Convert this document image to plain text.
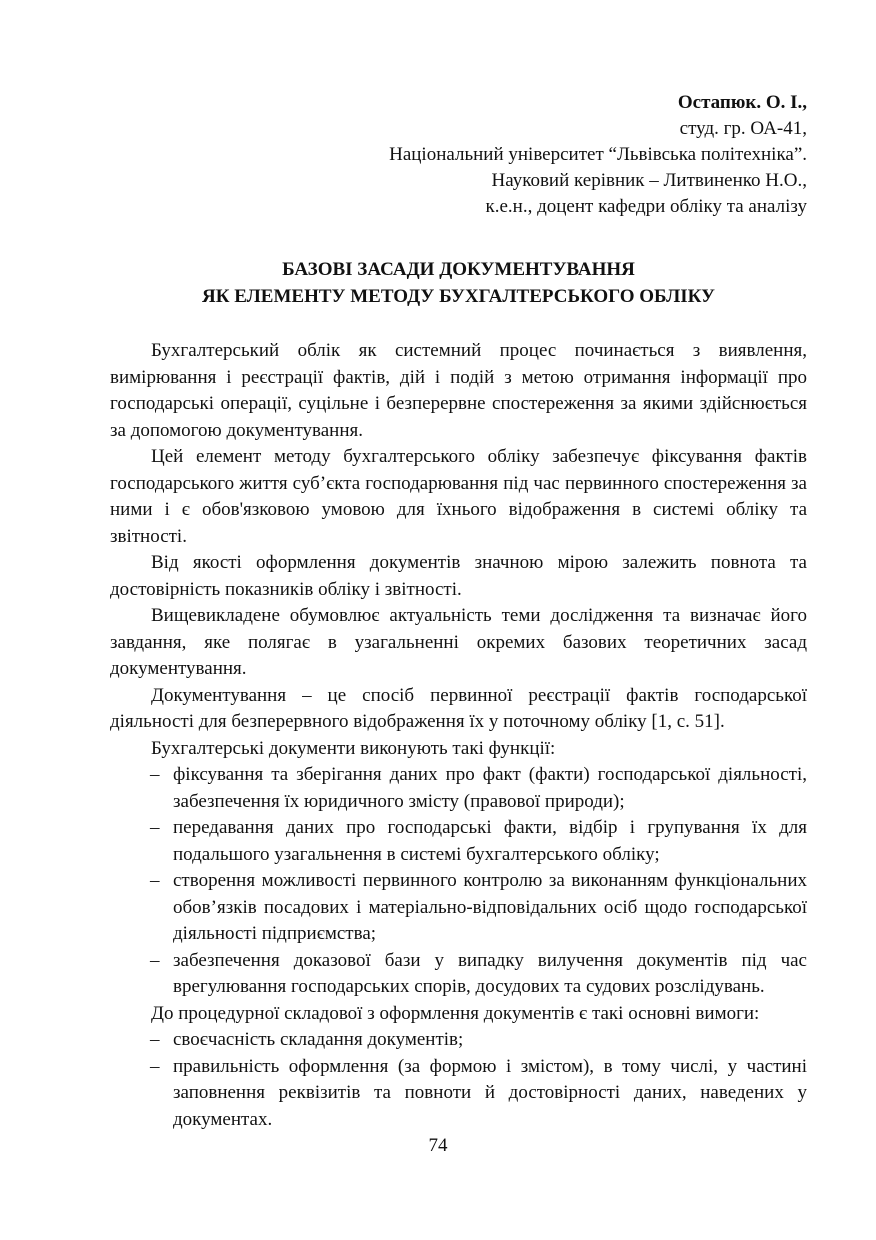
Остапюк. О. І.,
студ. гр. ОА-41,
Національний університет “Львівська політехніка”.
Науковий керівник – Литвиненко Н.О.,
к.е.н., доцент кафедри обліку та аналізу
БАЗОВІ ЗАСАДИ ДОКУМЕНТУВАННЯ
ЯК ЕЛЕМЕНТУ МЕТОДУ БУХГАЛТЕРСЬКОГО ОБЛІКУ

Бухгалтерський облік як системний процес починається з виявлення, вимірювання і реєстрації фактів, дій і подій з метою отримання інформації про господарські операції, суцільне і безперервне спостереження за якими здійснюється за допомогою документування.

Цей елемент методу бухгалтерського обліку забезпечує фіксування фактів господарського життя суб’єкта господарювання під час первинного спостереження за ними і є обов'язковою умовою для їхнього відображення в системі обліку та звітності.

Від якості оформлення документів значною мірою залежить повнота та достовірність показників обліку і звітності.

Вищевикладене обумовлює актуальність теми дослідження та визначає його завдання, яке полягає в узагальненні окремих базових теоретичних засад документування.

Документування – це спосіб первинної реєстрації фактів господарської діяльності для безперервного відображення їх у поточному обліку [1, с. 51].

Бухгалтерські документи виконують такі функції:

– фіксування та зберігання даних про факт (факти) господарської діяльності, забезпечення їх юридичного змісту (правової природи);

– передавання даних про господарські факти, відбір і групування їх для подальшого узагальнення в системі бухгалтерського обліку;

– створення можливості первинного контролю за виконанням функціональних обов’язків посадових і матеріально-відповідальних осіб щодо господарської діяльності підприємства;

– забезпечення доказової бази у випадку вилучення документів під час врегулювання господарських спорів, досудових та судових розслідувань.

До процедурної складової з оформлення документів є такі основні вимоги:

– своєчасність складання документів;

– правильність оформлення (за формою і змістом), в тому числі, у частині заповнення реквізитів та повноти й достовірності даних, наведених у документах.

74
